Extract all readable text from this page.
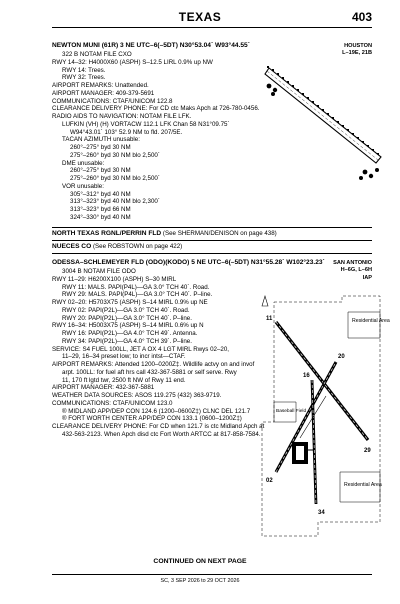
TEXAS	403
NEWTON MUNI (61R) 3 NE UTC–6(–5DT) N30°53.04´ W93°44.55´	HOUSTON
L–19E, 21B
322 B NOTAM FILE CXO
RWY 14–32: H4000X60 (ASPH) S–12.5 LIRL 0.9% up NW
RWY 14: Trees.
RWY 32: Trees.
AIRPORT REMARKS: Unattended.
AIRPORT MANAGER: 409-379-5691
COMMUNICATIONS: CTAF/UNICOM 122.8
CLEARANCE DELIVERY PHONE: For CD ctc Maks Apch at 726-780-0456.
RADIO AIDS TO NAVIGATION: NOTAM FILE LFK.
LUFKIN (VH) (H) VORTACW 112.1 LFK Chan 58 N31°09.75´
W94°43.01´ 103° 52.9 NM to fld. 207/5E.
TACAN AZIMUTH unusable:
260°–275° byd 30 NM
275°–260° byd 30 NM blo 2,500´
DME unusable:
260°–275° byd 30 NM
275°–260° byd 30 NM blo 2,500´
VOR unusable:
305°–312° byd 40 NM
313°–323° byd 40 NM blo 2,300´
313°–323° byd 66 NM
324°–330° byd 40 NM
NORTH TEXAS RGNL/PERRIN FLD (See SHERMAN/DENISON on page 438)
NUECES CO (See ROBSTOWN on page 422)
ODESSA–SCHLEMEYER FLD (ODO)(KODO) 5 NE UTC–6(–5DT) N31°55.28´ W102°23.23´	SAN ANTONIO
H–6G, L–6H
IAP
3004 B NOTAM FILE ODO
RWY 11–29: H6200X100 (ASPH) S–30 MIRL
RWY 11: MALS. PAPI(P4L)—GA 3.0° TCH 40´. Road.
RWY 29: MALS. PAPI(P4L)—GA 3.0° TCH 40´. P–line.
RWY 02–20: H5703X75 (ASPH) S–14 MIRL 0.9% up NE
RWY 02: PAPI(P2L)—GA 3.0° TCH 40´. Road.
RWY 20: PAPI(P2L)—GA 3.0° TCH 40´. P–line.
RWY 16–34: H5003X75 (ASPH) S–14 MIRL 0.6% up N
RWY 16: PAPI(P2L)—GA 4.0° TCH 49´. Antenna.
RWY 34: PAPI(P2L)—GA 4.0° TCH 39´. P–line.
SERVICE: S4 FUEL 100LL, JET A OX 4 LGT MIRL Rwys 02–20,
11–29, 16–34 preset low; to incr intst—CTAF.
AIRPORT REMARKS: Attended 1200–0200Z‡. Wildlife actvy on and invof
arpt. 100LL: for fuel aft hrs call 432-367-5881 or self serve. Rwy
11, 170 ft lgtd twr, 2500 ft NW of Rwy 11 end.
AIRPORT MANAGER: 432-367-5881
WEATHER DATA SOURCES: ASOS 119.275 (432) 363-9719.
COMMUNICATIONS: CTAF/UNICOM 123.0
® MIDLAND APP/DEP CON 124.6 (1200–0600Z‡) CLNC DEL 121.7
® FORT WORTH CENTER APP/DEP CON 133.1 (0600–1200Z‡)
CLEARANCE DELIVERY PHONE: For CD when 121.7 is ctc Midland Apch at
432-563-2123. When Apch disd ctc Fort Worth ARTCC at 817-858-7584.
Residential Area
Residential Area
Baseball Field
11
29
02
20
16
34
CONTINUED ON NEXT PAGE
SC, 3 SEP 2026 to 29 OCT 2026
